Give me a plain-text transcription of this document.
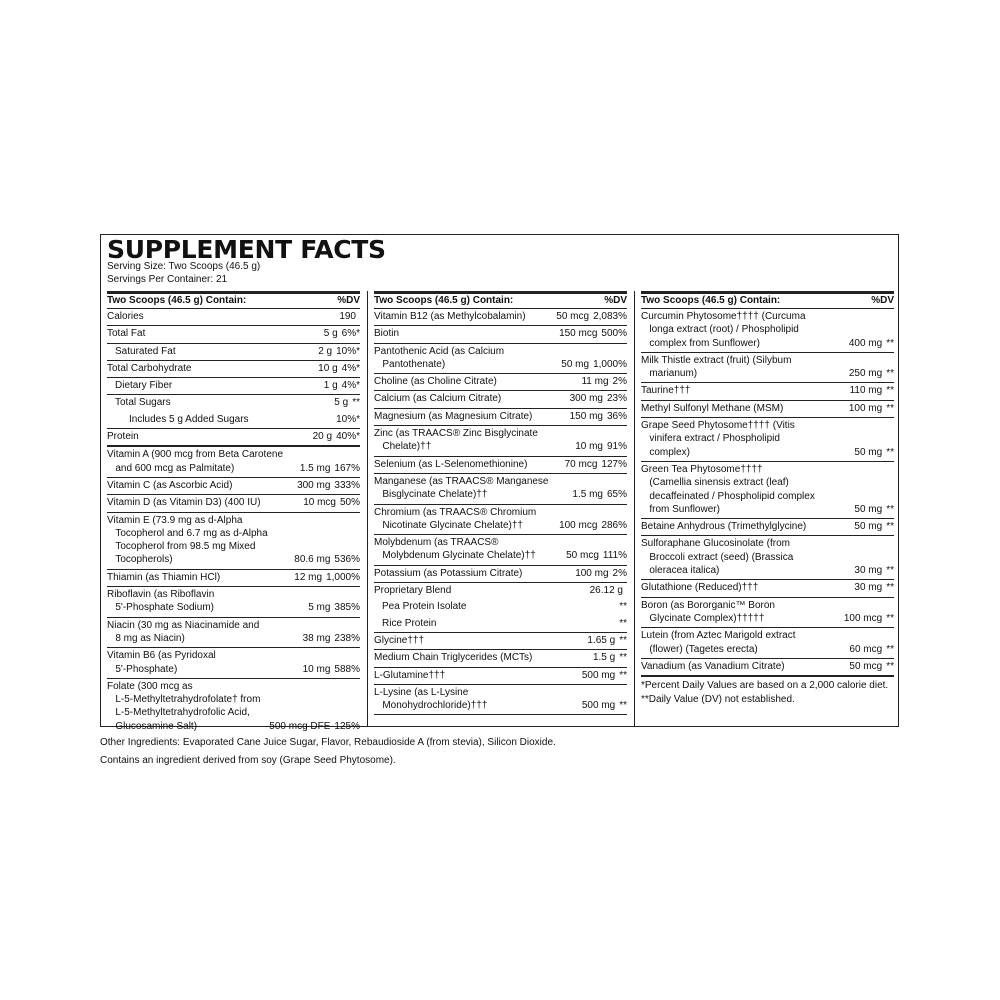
SUPPLEMENT FACTS
Serving Size: Two Scoops (46.5 g)
Servings Per Container: 21
Two Scoops (46.5 g) Contain:	%DV
Calories	190
Total Fat	5 g 6%*
Saturated Fat	2 g 10%*
Total Carbohydrate	10 g 4%*
Dietary Fiber	1 g 4%*
Total Sugars	5 g **
Includes 5 g Added Sugars	10%*
Protein	20 g 40%*
Vitamin A (900 mcg from Beta Carotene
and 600 mcg as Palmitate)	1.5 mg 167%
Vitamin C (as Ascorbic Acid)	300 mg 333%
Vitamin D (as Vitamin D3) (400 IU)	10 mcg 50%
Vitamin E (73.9 mg as d-Alpha
Tocopherol and 6.7 mg as d-Alpha
Tocopherol from 98.5 mg Mixed
Tocopherols)	80.6 mg 536%
Thiamin (as Thiamin HCl)	12 mg 1,000%
Riboflavin (as Riboflavin
5'-Phosphate Sodium)	5 mg 385%
Niacin (30 mg as Niacinamide and
8 mg as Niacin)	38 mg 238%
Vitamin B6 (as Pyridoxal
5'-Phosphate)	10 mg 588%
Folate (300 mcg as
L-5-Methyltetrahydrofolate† from
L-5-Methyltetrahydrofolic Acid,
Glucosamine Salt)	500 mcg DFE 125%
Two Scoops (46.5 g) Contain:	%DV
Vitamin B12 (as Methylcobalamin)	50 mcg 2,083%
Biotin	150 mcg 500%
Pantothenic Acid (as Calcium
Pantothenate)	50 mg 1,000%
Choline (as Choline Citrate)	11 mg 2%
Calcium (as Calcium Citrate)	300 mg 23%
Magnesium (as Magnesium Citrate)	150 mg 36%
Zinc (as TRAACS® Zinc Bisglycinate
Chelate)††	10 mg 91%
Selenium (as L-Selenomethionine)	70 mcg 127%
Manganese (as TRAACS® Manganese
Bisglycinate Chelate)††	1.5 mg 65%
Chromium (as TRAACS® Chromium
Nicotinate Glycinate Chelate)††	100 mcg 286%
Molybdenum (as TRAACS®
Molybdenum Glycinate Chelate)††	50 mcg 111%
Potassium (as Potassium Citrate)	100 mg 2%
Proprietary Blend	26.12 g
Pea Protein Isolate	**
Rice Protein	**
Glycine†††	1.65 g **
Medium Chain Triglycerides (MCTs)	1.5 g **
L-Glutamine†††	500 mg **
L-Lysine (as L-Lysine
Monohydrochloride)†††	500 mg **
Two Scoops (46.5 g) Contain:	%DV
Curcumin Phytosome†††† (Curcuma
longa extract (root) / Phospholipid
complex from Sunflower)	400 mg **
Milk Thistle extract (fruit) (Silybum
marianum)	250 mg **
Taurine†††	110 mg **
Methyl Sulfonyl Methane (MSM)	100 mg **
Grape Seed Phytosome†††† (Vitis
vinifera extract / Phospholipid
complex)	50 mg **
Green Tea Phytosome††††
(Camellia sinensis extract (leaf)
decaffeinated / Phospholipid complex
from Sunflower)	50 mg **
Betaine Anhydrous (Trimethylglycine)	50 mg **
Sulforaphane Glucosinolate (from
Broccoli extract (seed) (Brassica
oleracea italica)	30 mg **
Glutathione (Reduced)†††	30 mg **
Boron (as Bororganic™ Boron
Glycinate Complex)†††††	100 mcg **
Lutein (from Aztec Marigold extract
(flower) (Tagetes erecta)	60 mcg **
Vanadium (as Vanadium Citrate)	50 mcg **
*Percent Daily Values are based on a 2,000 calorie diet.
**Daily Value (DV) not established.
Other Ingredients: Evaporated Cane Juice Sugar, Flavor, Rebaudioside A (from stevia), Silicon Dioxide.
Contains an ingredient derived from soy (Grape Seed Phytosome).
